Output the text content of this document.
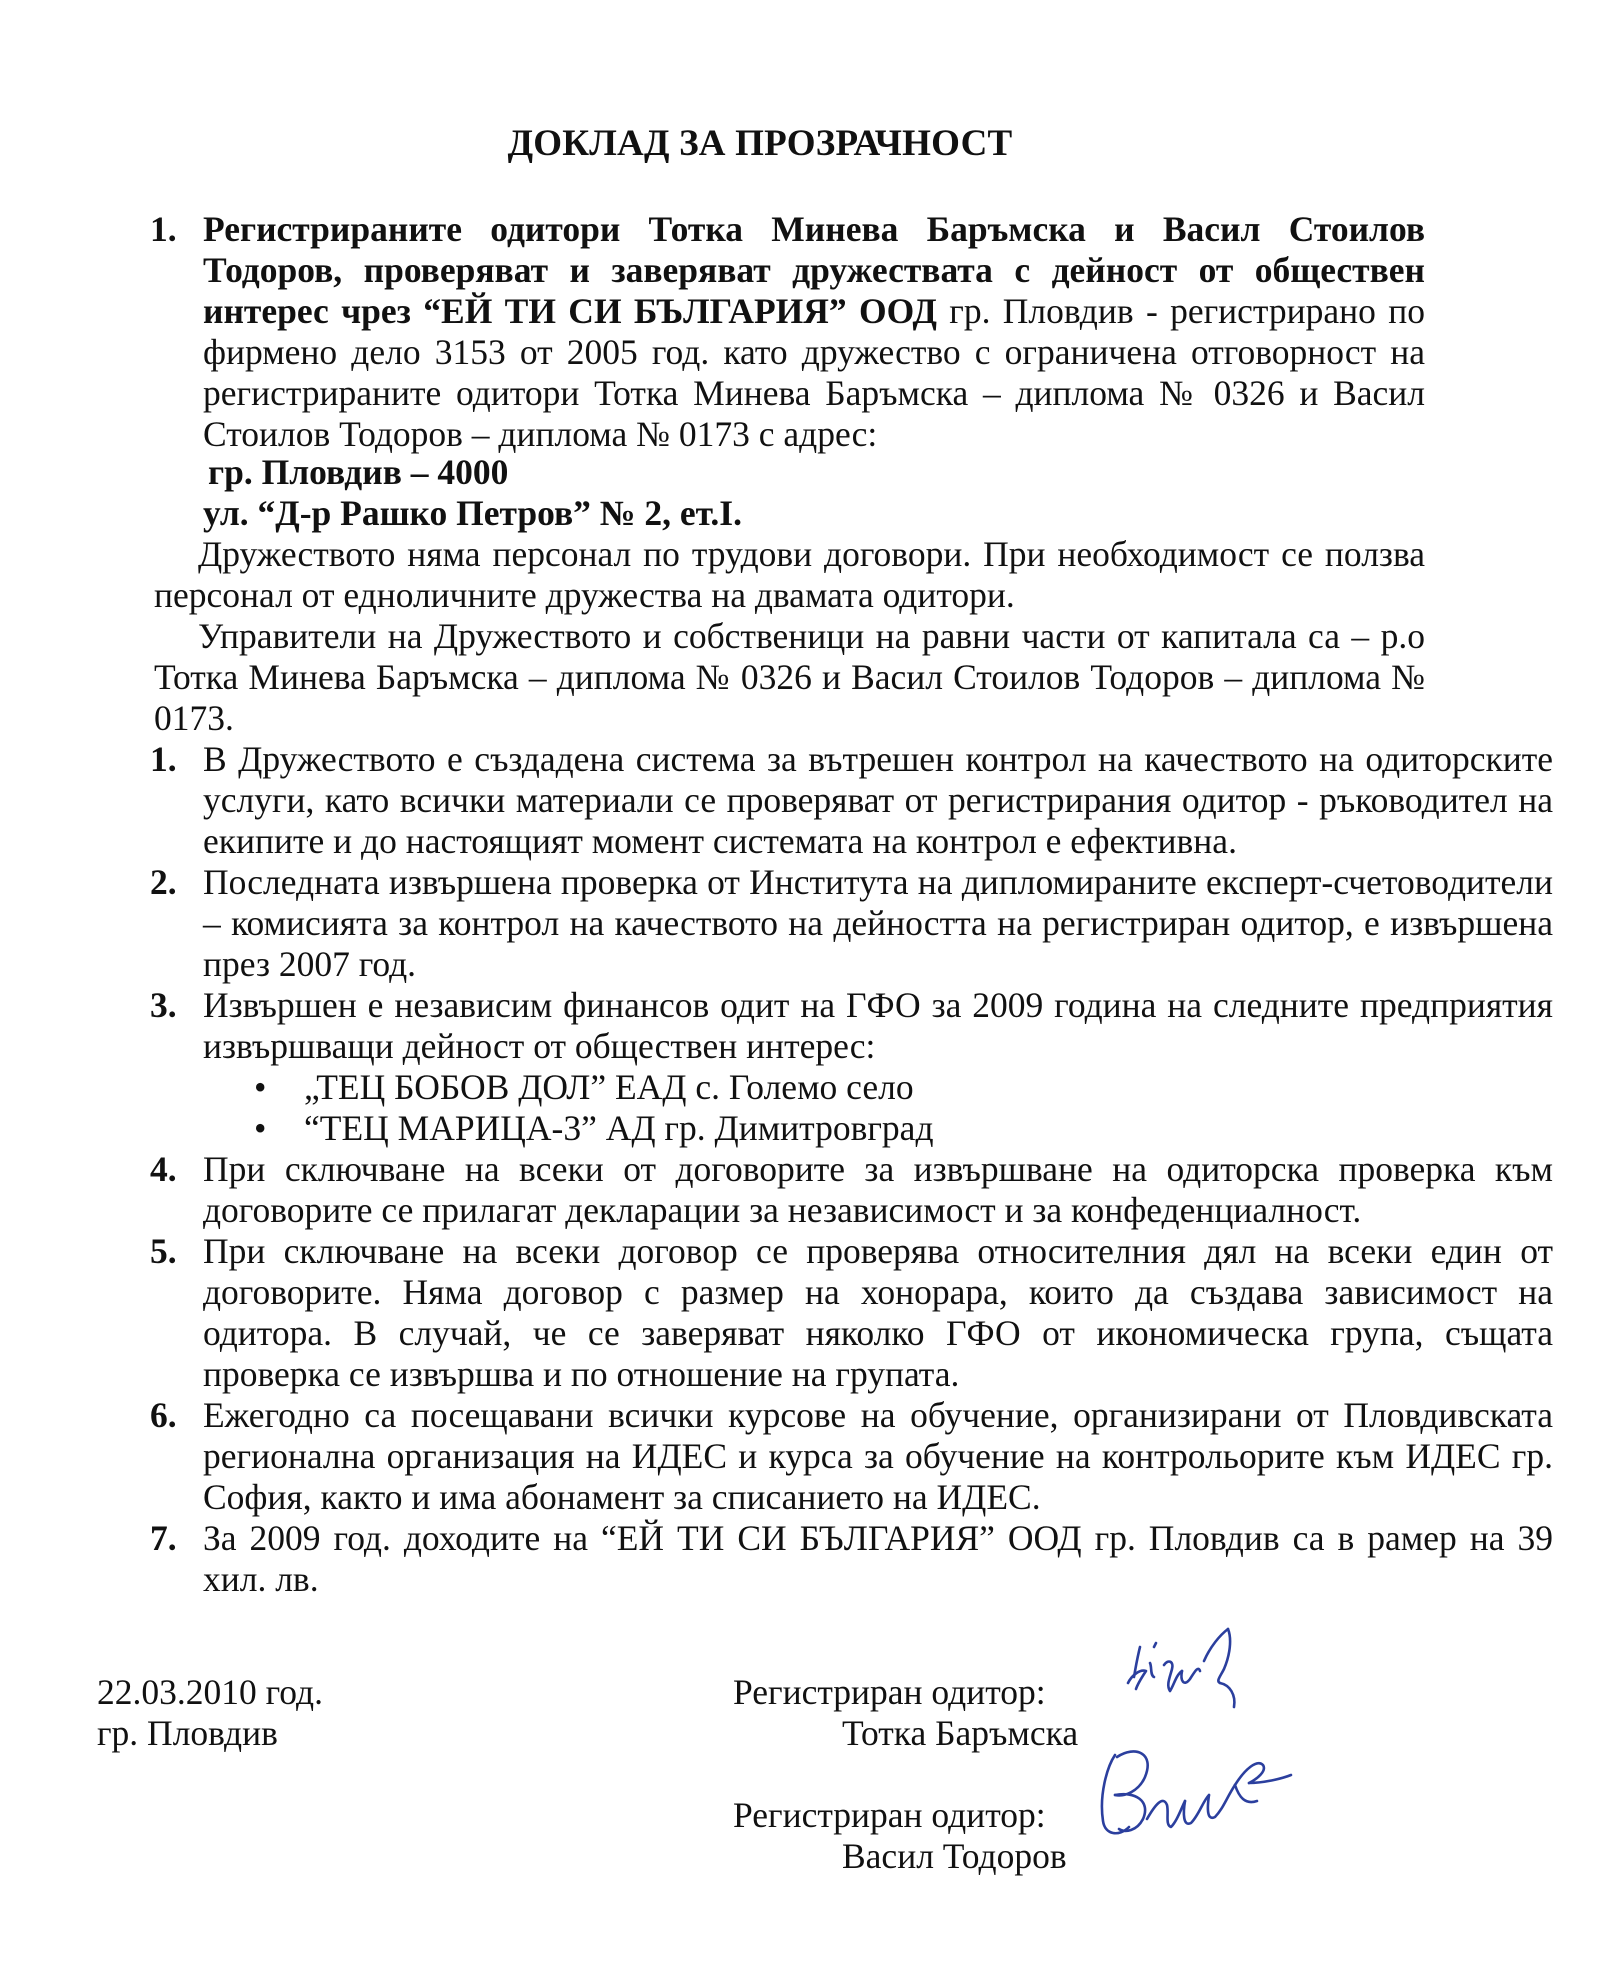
ДОКЛАД ЗА ПРОЗРАЧНОСТ
1. Регистрираните одитори Тотка Минева Баръмска и Васил Стоилов Тодоров, проверяват и заверяват дружествата с дейност от обществен интерес чрез “ЕЙ ТИ СИ БЪЛГАРИЯ” ООД гр. Пловдив - регистрирано по фирмено дело 3153 от 2005 год. като дружество с ограничена отговорност на регистрираните одитори Тотка Минева Баръмска – диплома № 0326 и Васил Стоилов Тодоров – диплома № 0173 с адрес:
гр. Пловдив – 4000
ул. “Д-р Рашко Петров” № 2, ет.І.
Дружеството няма персонал по трудови договори. При необходимост се ползва персонал от едноличните дружества на двамата одитори.
Управители на Дружеството и собственици на равни части от капитала са – р.о Тотка Минева Баръмска – диплома № 0326 и Васил Стоилов Тодоров – диплома № 0173.
1. В Дружеството е създадена система за вътрешен контрол на качеството на одиторските услуги, като всички материали се проверяват от регистрирания одитор - ръководител на екипите и до настоящият момент системата на контрол е ефективна.
2. Последната извършена проверка от Института на дипломираните експерт-счетоводители – комисията за контрол на качеството на дейността на регистриран одитор, е извършена през 2007 год.
3. Извършен е независим финансов одит на ГФО за 2009 година на следните предприятия извършващи дейност от обществен интерес:
• „ТЕЦ БОБОВ ДОЛ” ЕАД с. Големо село
• “ТЕЦ МАРИЦА-3” АД гр. Димитровград
4. При сключване на всеки от договорите за извършване на одиторска проверка към договорите се прилагат декларации за независимост и за конфеденциалност.
5. При сключване на всеки договор се проверява относителния дял на всеки един от договорите. Няма договор с размер на хонорара, които да създава зависимост на одитора. В случай, че се заверяват няколко ГФО от икономическа група, същата проверка се извършва и по отношение на групата.
6. Ежегодно са посещавани всички курсове на обучение, организирани от Пловдивската регионална организация на ИДЕС и курса за обучение на контрольорите към ИДЕС гр. София, както и има абонамент за списанието на ИДЕС.
7. За 2009 год. доходите на “ЕЙ ТИ СИ БЪЛГАРИЯ” ООД гр. Пловдив са в рамер на 39 хил. лв.
22.03.2010 год.
гр. Пловдив
Регистриран одитор:
Тотка Баръмска
Регистриран одитор:
Васил Тодоров
